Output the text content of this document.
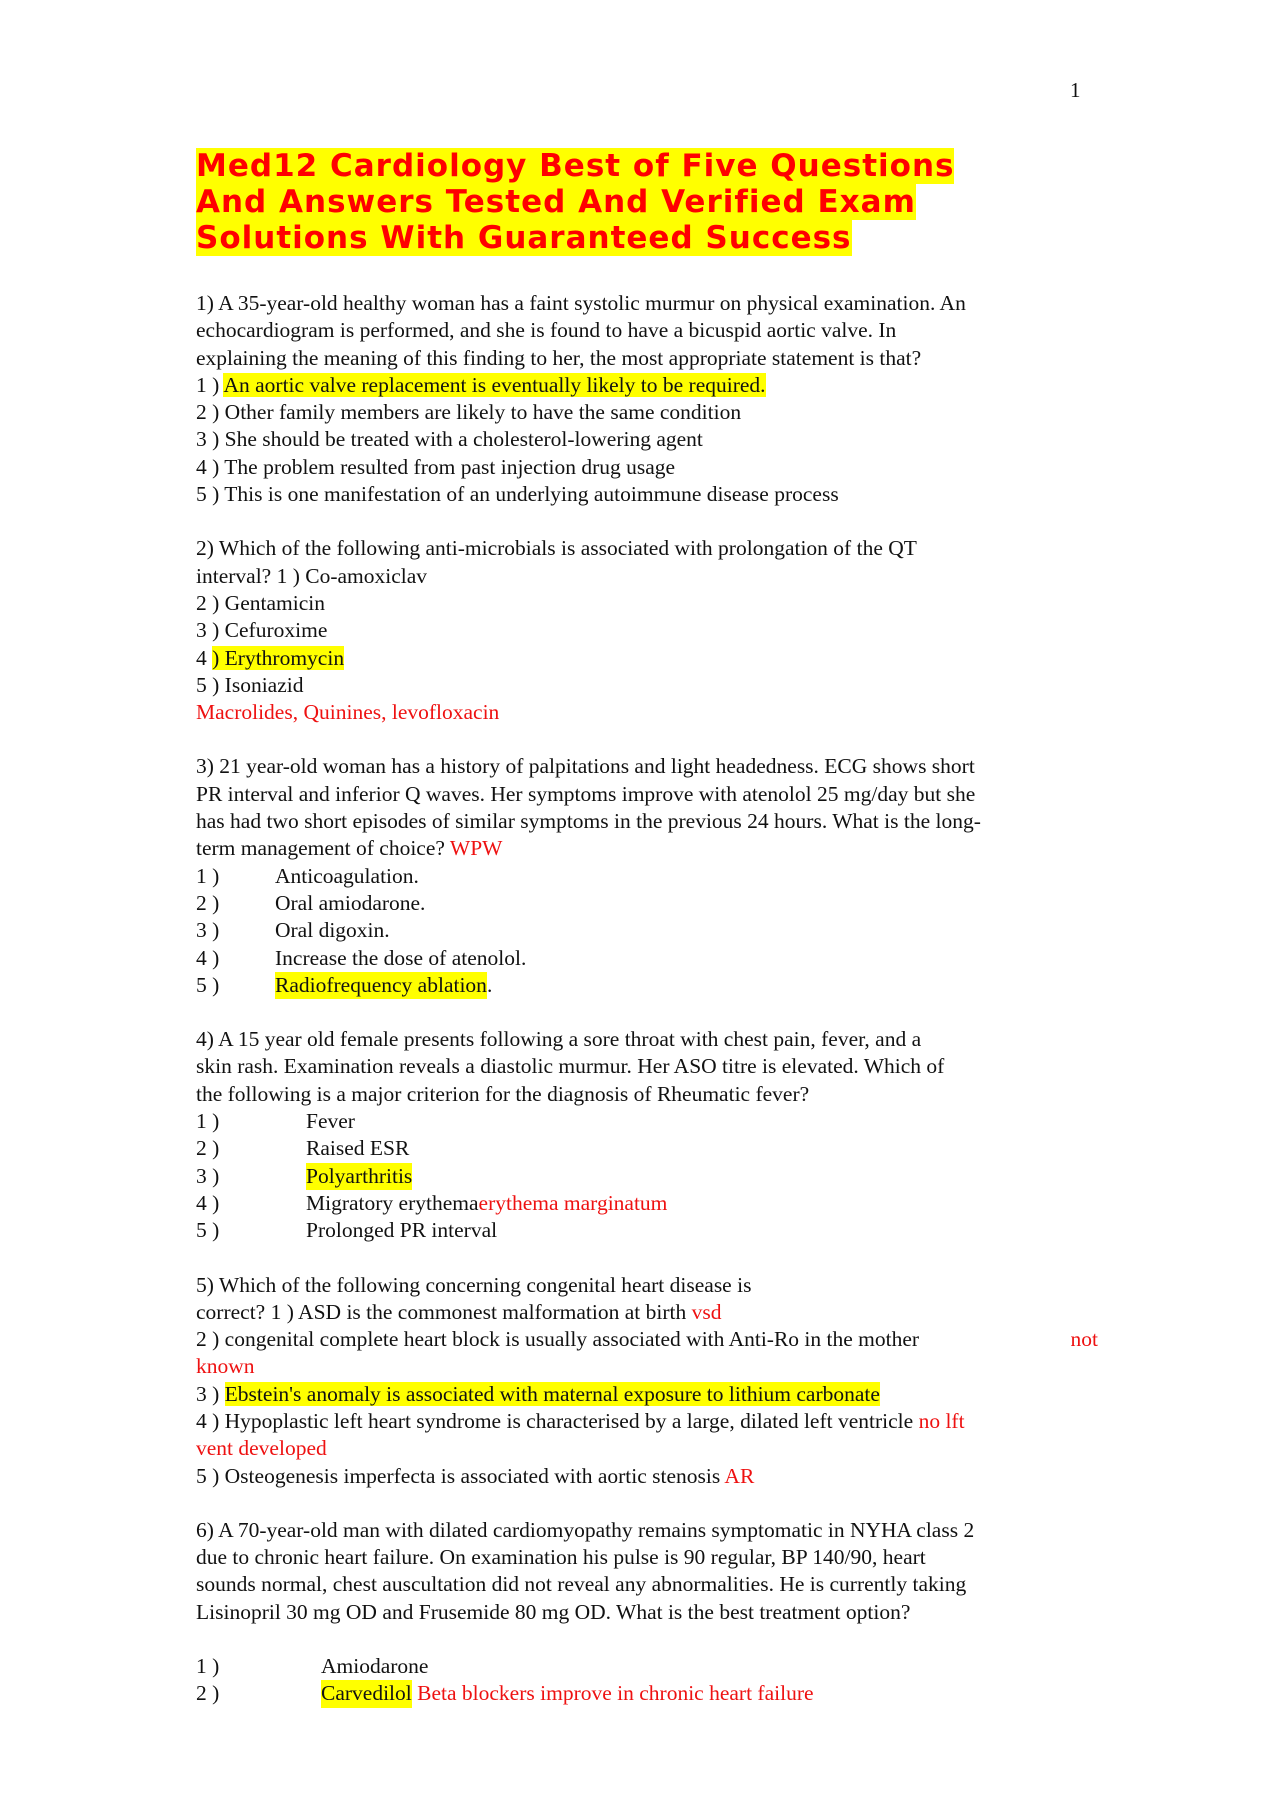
1
Med12 Cardiology Best of Five Questions
And Answers Tested And Verified Exam
Solutions With Guaranteed Success
1) A 35-year-old healthy woman has a faint systolic murmur on physical examination. An
echocardiogram is performed, and she is found to have a bicuspid aortic valve. In
explaining the meaning of this finding to her, the most appropriate statement is that?
1 ) An aortic valve replacement is eventually likely to be required.
2 ) Other family members are likely to have the same condition
3 ) She should be treated with a cholesterol-lowering agent
4 ) The problem resulted from past injection drug usage
5 ) This is one manifestation of an underlying autoimmune disease process
2) Which of the following anti-microbials is associated with prolongation of the QT
interval? 1 ) Co-amoxiclav
2 ) Gentamicin
3 ) Cefuroxime
4 ) Erythromycin
5 ) Isoniazid
Macrolides, Quinines, levofloxacin
3) 21 year-old woman has a history of palpitations and light headedness. ECG shows short
PR interval and inferior Q waves. Her symptoms improve with atenolol 25 mg/day but she
has had two short episodes of similar symptoms in the previous 24 hours. What is the long-
term management of choice? WPW
1 )	Anticoagulation.
2 )	Oral amiodarone.
3 )	Oral digoxin.
4 )	Increase the dose of atenolol.
5 )	Radiofrequency ablation .
4) A 15 year old female presents following a sore throat with chest pain, fever, and a
skin rash. Examination reveals a diastolic murmur. Her ASO titre is elevated. Which of
the following is a major criterion for the diagnosis of Rheumatic fever?
1 )	Fever
2 )	Raised ESR
3 )	Polyarthritis
4 )	Migratory erythema erythema marginatum
5 )	Prolonged PR interval
5) Which of the following concerning congenital heart disease is
correct? 1 ) ASD is the commonest malformation at birth vsd
2 ) congenital complete heart block is usually associated with Anti-Ro in the mother	not
known
3 ) Ebstein's anomaly is associated with maternal exposure to lithium carbonate
4 ) Hypoplastic left heart syndrome is characterised by a large, dilated left ventricle no lft
vent developed
5 ) Osteogenesis imperfecta is associated with aortic stenosis AR
6) A 70-year-old man with dilated cardiomyopathy remains symptomatic in NYHA class 2
due to chronic heart failure. On examination his pulse is 90 regular, BP 140/90, heart
sounds normal, chest auscultation did not reveal any abnormalities. He is currently taking
Lisinopril 30 mg OD and Frusemide 80 mg OD. What is the best treatment option?
1 )	Amiodarone
2 )	Carvedilol Beta blockers improve in chronic heart failure
